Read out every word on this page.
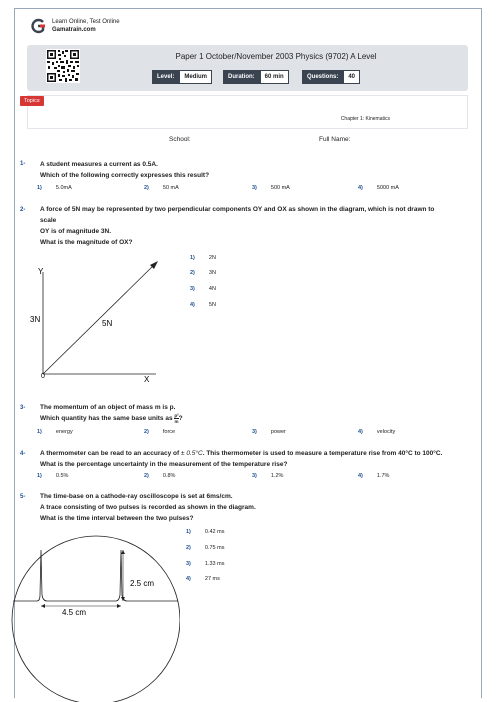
Learn Online, Test Online
Gamatrain.com
Paper 1 October/November 2003 Physics (9702) A Level
Level:	Medium	Duration:	60 min	Questions:	40
Topics
Chapter 1: Kinematics
School:	Full Name:
1- A student measures a current as 0.5A.
Which of the following correctly expresses this result?
1)	5.0mA	2)	50 mA	3)	500 mA	4)	5000 mA
2- A force of 5N may be represented by two perpendicular components OY and OX as shown in the diagram, which is not drawn to
scale
OY is of magnitude 3N.
What is the magnitude of OX?
Y
X
0
3N	5N
1)	2N
2)	3N
3)	4N
4)	5N
3- The momentum of an object of mass m is p.
Which quantity has the same base units as $\frac{\text{p²}}{m}$ ?
1)	energy	2)	force	3)	power	4)	velocity
4- A thermometer can be read to an accuracy of ± 0.5°C. This thermometer is used to measure a temperature rise from 40°C to 100°C.
What is the percentage uncertainty in the measurement of the temperature rise?
1)	0.5%	2)	0.8%	3)	1.2%	4)	1.7%
5- The time-base on a cathode-ray oscilloscope is set at 6ms/cm.
A trace consisting of two pulses is recorded as shown in the diagram.
What is the time interval between the two pulses?
2.5 cm
4.5 cm
1)	0.42 ms
2)	0.75 ms
3)	1.33 ms
4)	27 ms
